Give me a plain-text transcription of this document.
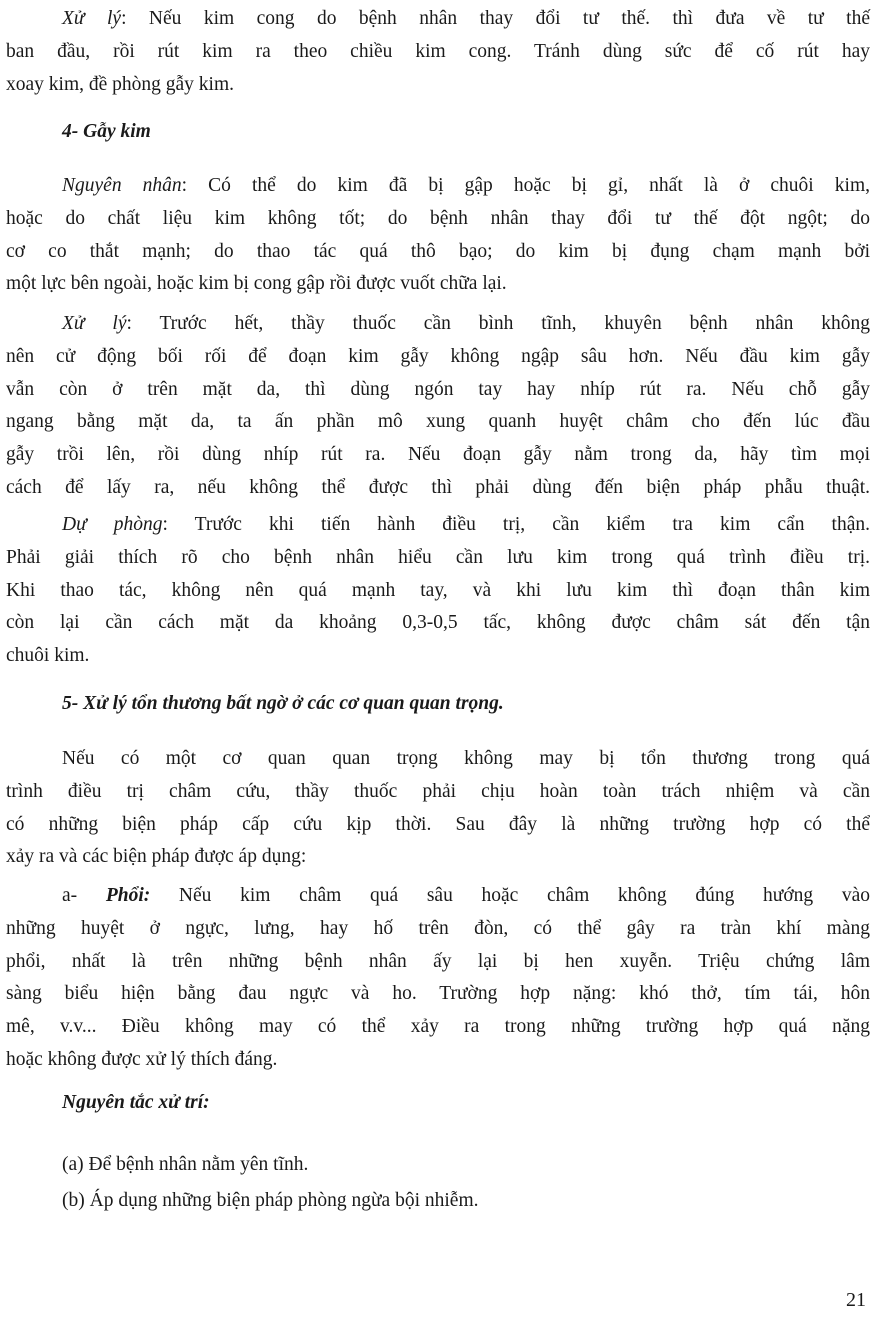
Xử lý: Nếu kim cong do bệnh nhân thay đổi tư thế. thì đưa về tư thế
ban đầu, rồi rút kim ra theo chiều kim cong. Tránh dùng sức để cố rút hay
xoay kim, đề phòng gẫy kim.
4- Gẫy kim
Nguyên nhân: Có thể do kim đã bị gập hoặc bị gỉ, nhất là ở chuôi kim,
hoặc do chất liệu kim không tốt; do bệnh nhân thay đổi tư thế đột ngột; do
cơ co thắt mạnh; do thao tác quá thô bạo; do kim bị đụng chạm mạnh bởi
một lực bên ngoài, hoặc kim bị cong gập rồi được vuốt chữa lại.
Xử lý: Trước hết, thầy thuốc cần bình tĩnh, khuyên bệnh nhân không
nên cử động bối rối để đoạn kim gẫy không ngập sâu hơn. Nếu đầu kim gẫy
vẫn còn ở trên mặt da, thì dùng ngón tay hay nhíp rút ra. Nếu chỗ gẫy
ngang bằng mặt da, ta ấn phần mô xung quanh huyệt châm cho đến lúc đầu
gẫy trồi lên, rồi dùng nhíp rút ra. Nếu đoạn gẫy nằm trong da, hãy tìm mọi
cách để lấy ra, nếu không thể được thì phải dùng đến biện pháp phẫu thuật.
Dự phòng: Trước khi tiến hành điều trị, cần kiểm tra kim cẩn thận.
Phải giải thích rõ cho bệnh nhân hiểu cần lưu kim trong quá trình điều trị.
Khi thao tác, không nên quá mạnh tay, và khi lưu kim thì đoạn thân kim
còn lại cần cách mặt da khoảng 0,3-0,5 tấc, không được châm sát đến tận
chuôi kim.
5- Xử lý tổn thương bất ngờ ở các cơ quan quan trọng.
Nếu có một cơ quan quan trọng không may bị tổn thương trong quá
trình điều trị châm cứu, thầy thuốc phải chịu hoàn toàn trách nhiệm và cần
có những biện pháp cấp cứu kịp thời. Sau đây là những trường hợp có thể
xảy ra và các biện pháp được áp dụng:
a- Phổi: Nếu kim châm quá sâu hoặc châm không đúng hướng vào
những huyệt ở ngực, lưng, hay hố trên đòn, có thể gây ra tràn khí màng
phổi, nhất là trên những bệnh nhân ấy lại bị hen xuyễn. Triệu chứng lâm
sàng biểu hiện bằng đau ngực và ho. Trường hợp nặng: khó thở, tím tái, hôn
mê, v.v... Điều không may có thể xảy ra trong những trường hợp quá nặng
hoặc không được xử lý thích đáng.
Nguyên tắc xử trí:
(a) Để bệnh nhân nằm yên tĩnh.
(b) Áp dụng những biện pháp phòng ngừa bội nhiễm.
21
